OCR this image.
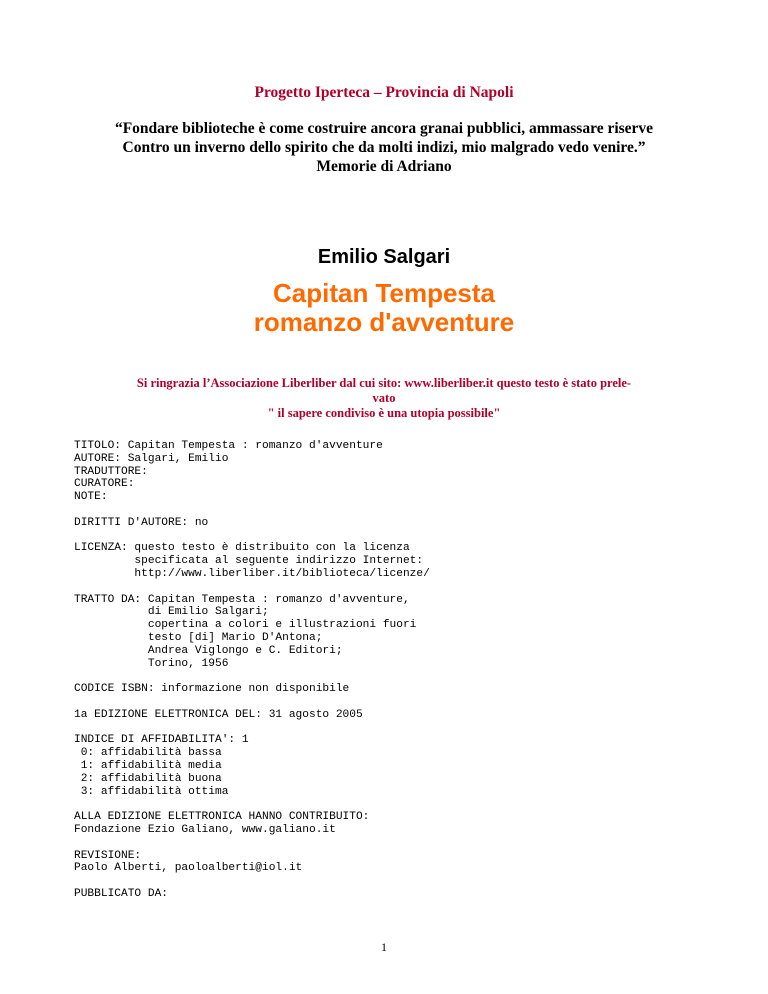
Progetto Iperteca – Provincia di Napoli
“Fondare biblioteche è come costruire ancora granai pubblici, ammassare riserve
Contro un inverno dello spirito che da molti indizi, mio malgrado vedo venire.”
Memorie di Adriano
Emilio Salgari
Capitan Tempesta
romanzo d'avventure
Si ringrazia l’Associazione Liberliber dal cui sito: www.liberliber.it questo testo è stato prele-
vato
" il sapere condiviso è una utopia possibile"
TITOLO: Capitan Tempesta : romanzo d'avventure
AUTORE: Salgari, Emilio
TRADUTTORE:
CURATORE:
NOTE:

DIRITTI D'AUTORE: no

LICENZA: questo testo è distribuito con la licenza
specificata al seguente indirizzo Internet:
http://www.liberliber.it/biblioteca/licenze/

TRATTO DA: Capitan Tempesta : romanzo d'avventure,
di Emilio Salgari;
copertina a colori e illustrazioni fuori
testo [di] Mario D'Antona;
Andrea Viglongo e C. Editori;
Torino, 1956

CODICE ISBN: informazione non disponibile

1a EDIZIONE ELETTRONICA DEL: 31 agosto 2005

INDICE DI AFFIDABILITA': 1
0: affidabilità bassa
1: affidabilità media
2: affidabilità buona
3: affidabilità ottima

ALLA EDIZIONE ELETTRONICA HANNO CONTRIBUITO:
Fondazione Ezio Galiano, www.galiano.it

REVISIONE:
Paolo Alberti, paoloalberti@iol.it

PUBBLICATO DA:
1
